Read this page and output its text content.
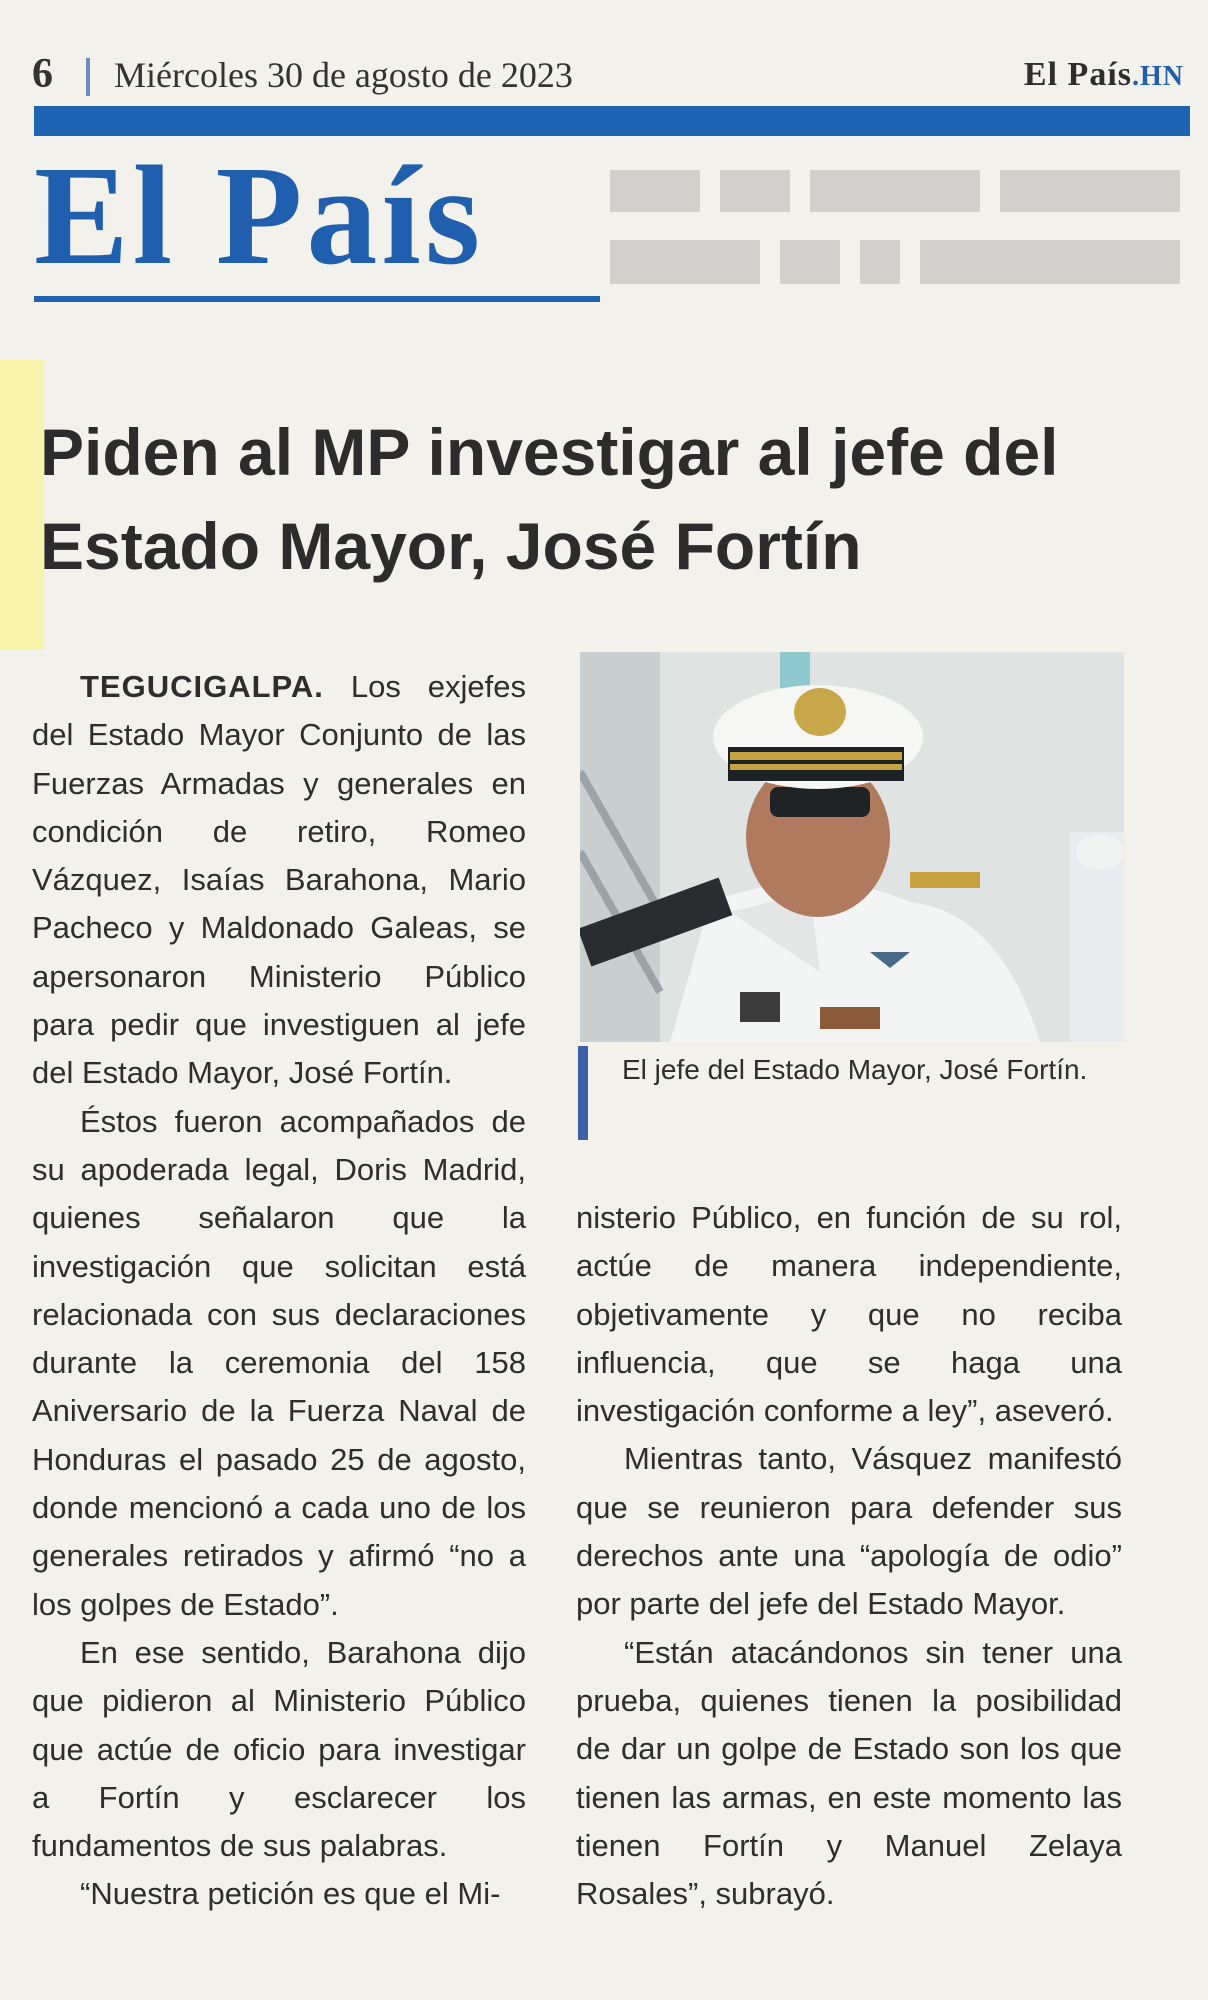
6 Miércoles 30 de agosto de 2023	El País.HN
El País
Piden al MP investigar al jefe del Estado Mayor, José Fortín

TEGUCIGALPA. Los exjefes del Estado Mayor Conjunto de las Fuerzas Armadas y generales en condición de retiro, Romeo Vázquez, Isaías Barahona, Mario Pacheco y Maldonado Galeas, se apersonaron Ministerio Público para pedir que investiguen al jefe del Estado Mayor, José Fortín.

Éstos fueron acompañados de su apoderada legal, Doris Madrid, quienes señalaron que la investigación que solicitan está relacionada con sus declaraciones durante la ceremonia del 158 Aniversario de la Fuerza Naval de Honduras el pasado 25 de agosto, donde mencionó a cada uno de los generales retirados y afirmó “no a los golpes de Estado”.

En ese sentido, Barahona dijo que pidieron al Ministerio Público que actúe de oficio para investigar a Fortín y esclarecer los fundamentos de sus palabras.

“Nuestra petición es que el Mi-

El jefe del Estado Mayor, José Fortín.

nisterio Público, en función de su rol, actúe de manera independiente, objetivamente y que no reciba influencia, que se haga una investigación conforme a ley”, aseveró.

Mientras tanto, Vásquez manifestó que se reunieron para defender sus derechos ante una “apología de odio” por parte del jefe del Estado Mayor.

“Están atacándonos sin tener una prueba, quienes tienen la posibilidad de dar un golpe de Estado son los que tienen las armas, en este momento las tienen Fortín y Manuel Zelaya Rosales”, subrayó.
